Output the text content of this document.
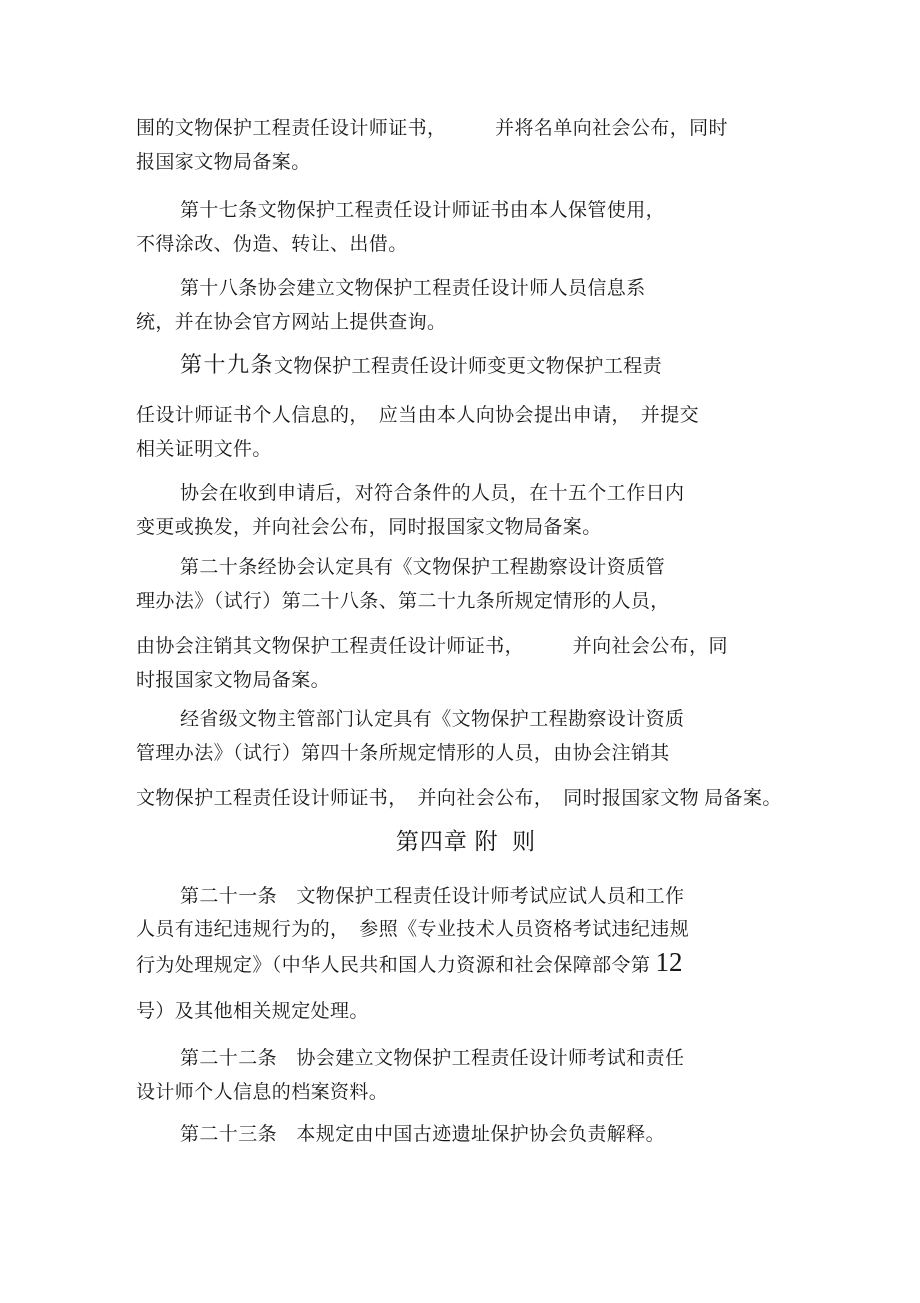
围的文物保护工程责任设计师证书，　　　并将名单向社会公布，同时
报国家文物局备案。
第十七条文物保护工程责任设计师证书由本人保管使用，
不得涂改、伪造、转让、出借。
第十八条协会建立文物保护工程责任设计师人员信息系
统，并在协会官方网站上提供查询。
第十九条文物保护工程责任设计师变更文物保护工程责
任设计师证书个人信息的，　应当由本人向协会提出申请，　并提交
相关证明文件。
协会在收到申请后，对符合条件的人员，在十五个工作日内
变更或换发，并向社会公布，同时报国家文物局备案。
第二十条经协会认定具有《文物保护工程勘察设计资质管
理办法》（试行）第二十八条、第二十九条所规定情形的人员，
由协会注销其文物保护工程责任设计师证书，　　　并向社会公布，同
时报国家文物局备案。
经省级文物主管部门认定具有《文物保护工程勘察设计资质
管理办法》（试行）第四十条所规定情形的人员，由协会注销其
文物保护工程责任设计师证书，　并向社会公布，　同时报国家文物 局备案。
第四章 附  则
第二十一条　文物保护工程责任设计师考试应试人员和工作
人员有违纪违规行为的，　参照《专业技术人员资格考试违纪违规
行为处理规定》（中华人民共和国人力资源和社会保障部令第 12
号）及其他相关规定处理。
第二十二条　协会建立文物保护工程责任设计师考试和责任
设计师个人信息的档案资料。
第二十三条　本规定由中国古迹遗址保护协会负责解释。
